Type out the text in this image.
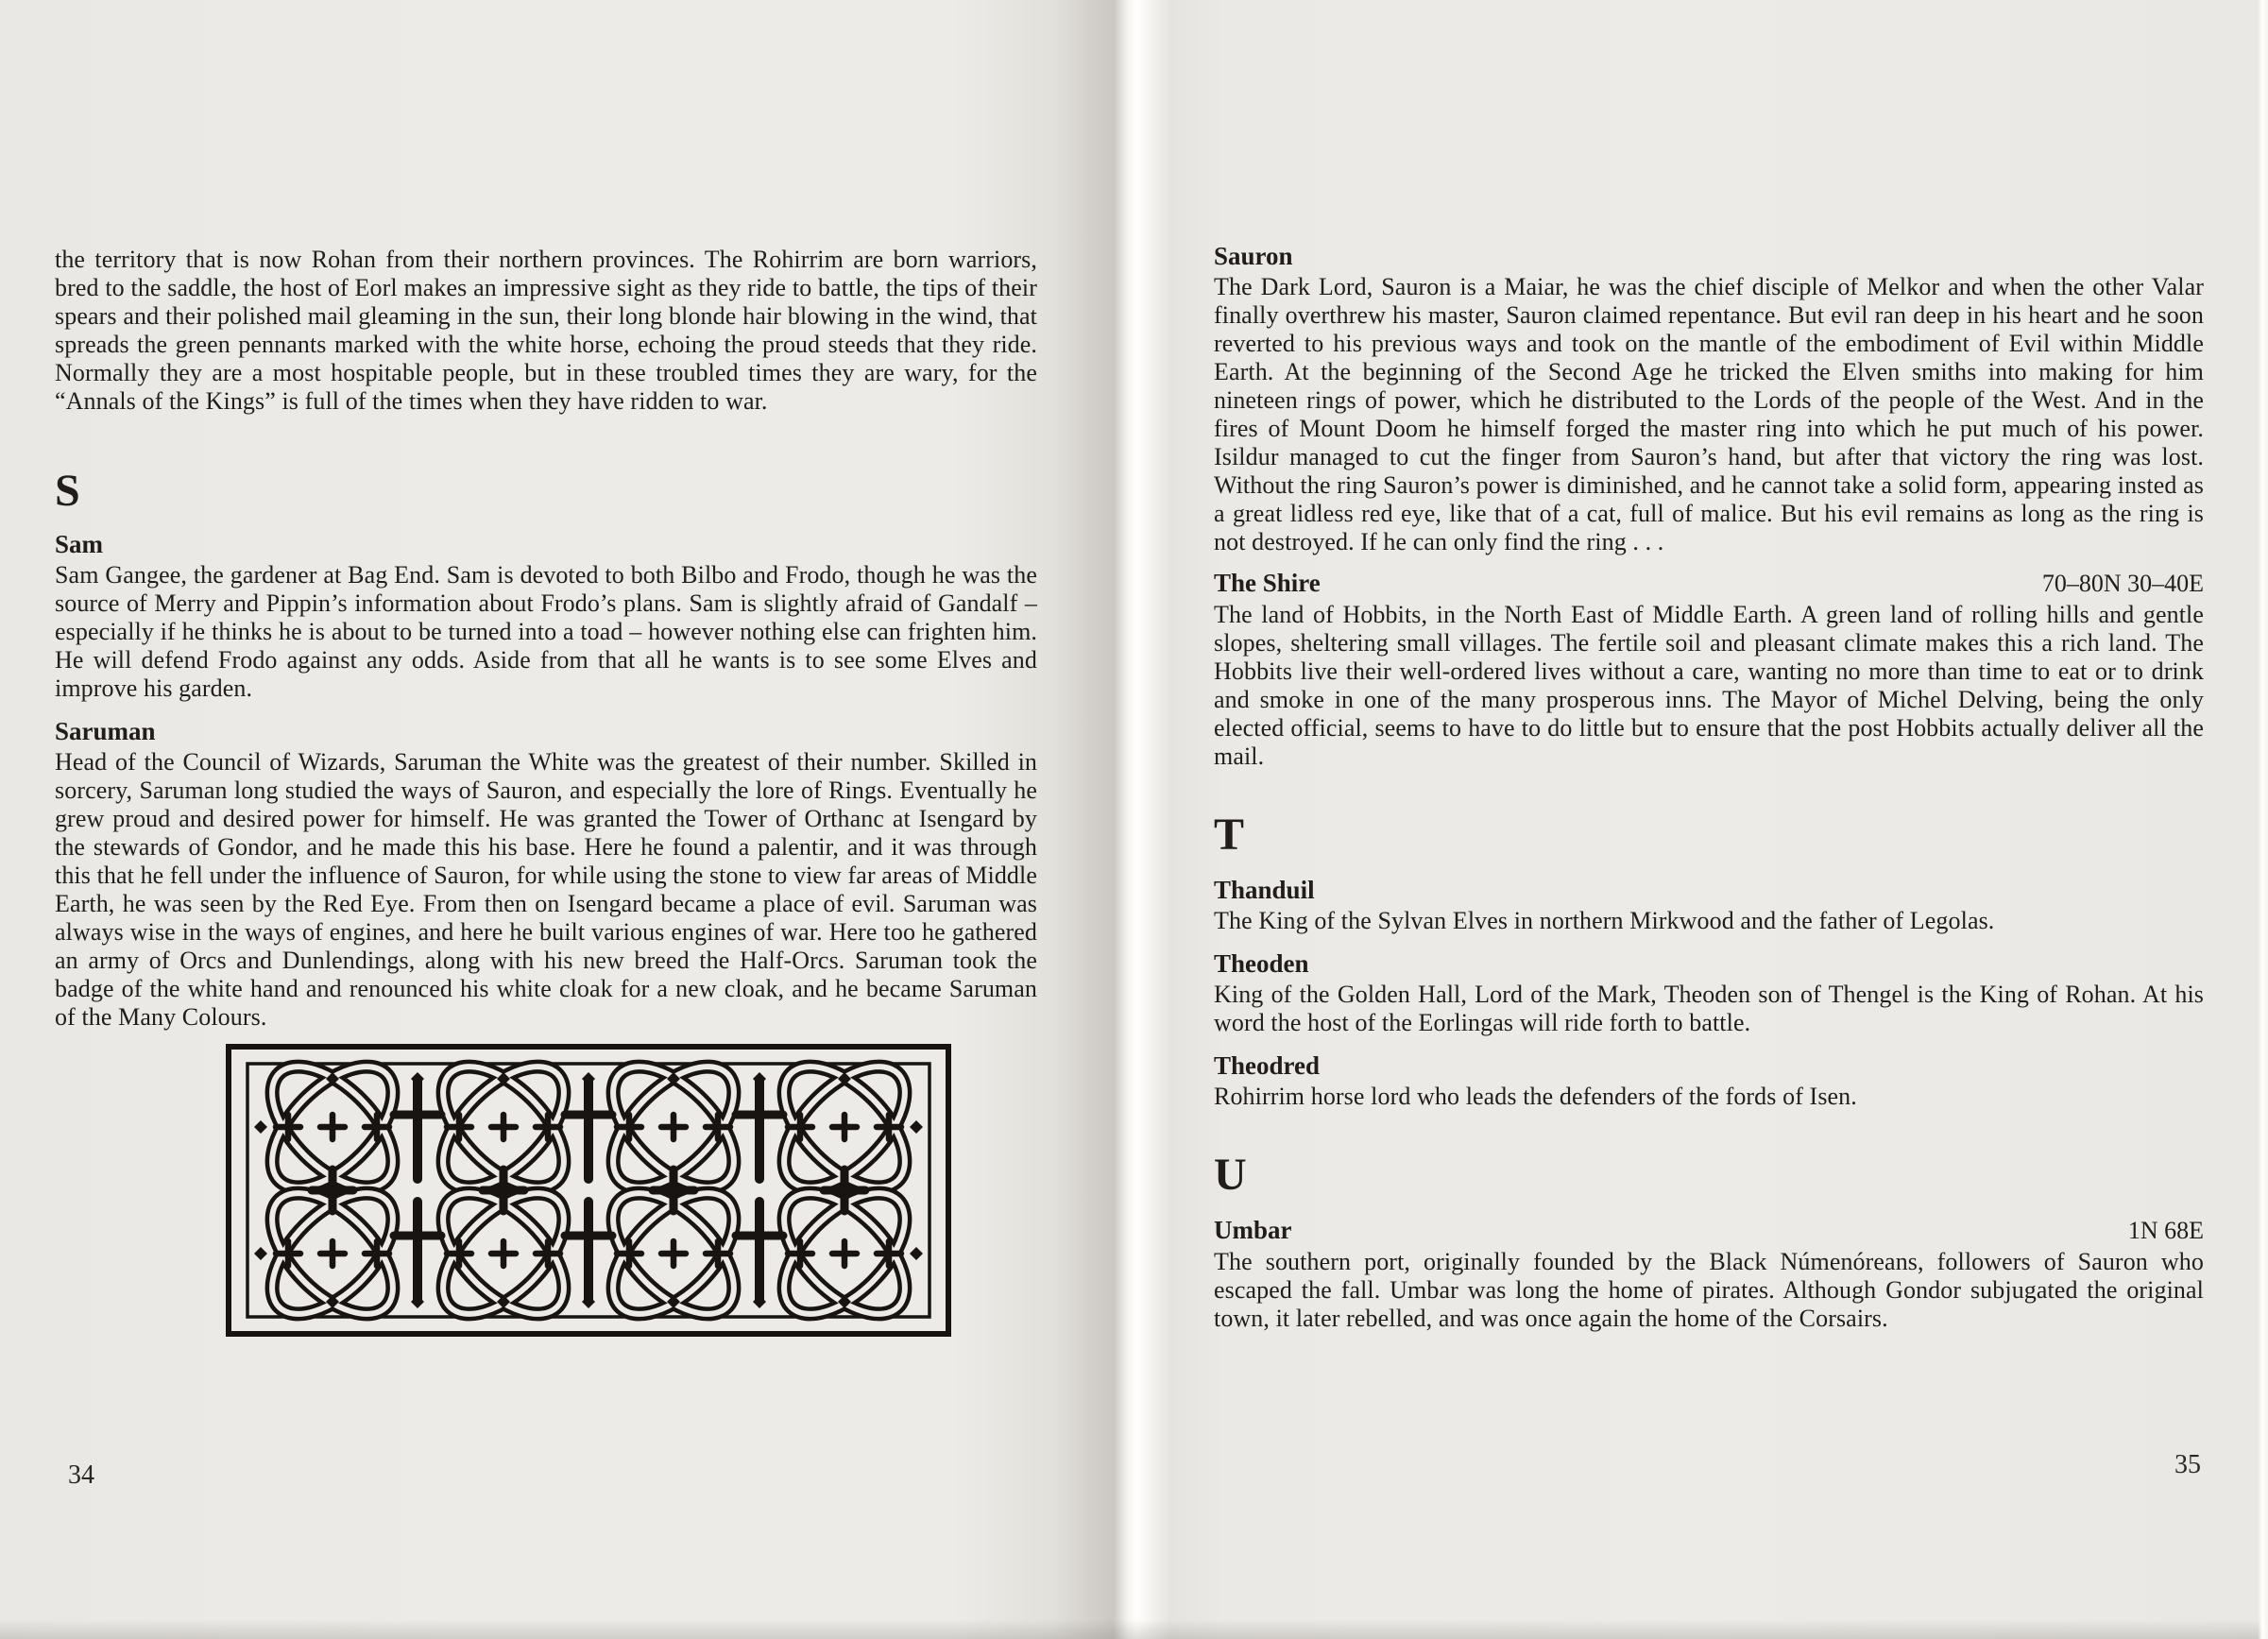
the territory that is now Rohan from their northern provinces. The Rohirrim are born warriors, bred to the saddle, the host of Eorl makes an impressive sight as they ride to battle, the tips of their spears and their polished mail gleaming in the sun, their long blonde hair blowing in the wind, that spreads the green pennants marked with the white horse, echoing the proud steeds that they ride. Normally they are a most hospitable people, but in these troubled times they are wary, for the “Annals of the Kings” is full of the times when they have ridden to war.

S
Sam

Sam Gangee, the gardener at Bag End. Sam is devoted to both Bilbo and Frodo, though he was the source of Merry and Pippin’s information about Frodo’s plans. Sam is slightly afraid of Gandalf – especially if he thinks he is about to be turned into a toad – however nothing else can frighten him. He will defend Frodo against any odds. Aside from that all he wants is to see some Elves and improve his garden.

Saruman

Head of the Council of Wizards, Saruman the White was the greatest of their number. Skilled in sorcery, Saruman long studied the ways of Sauron, and especially the lore of Rings. Eventually he grew proud and desired power for himself. He was granted the Tower of Orthanc at Isengard by the stewards of Gondor, and he made this his base. Here he found a palentir, and it was through this that he fell under the influence of Sauron, for while using the stone to view far areas of Middle Earth, he was seen by the Red Eye. From then on Isengard became a place of evil. Saruman was always wise in the ways of engines, and here he built various engines of war. Here too he gathered an army of Orcs and Dunlendings, along with his new breed the Half-Orcs. Saruman took the badge of the white hand and renounced his white cloak for a new cloak, and he became Saruman of the Many Colours.

Sauron

The Dark Lord, Sauron is a Maiar, he was the chief disciple of Melkor and when the other Valar finally overthrew his master, Sauron claimed repentance. But evil ran deep in his heart and he soon reverted to his previous ways and took on the mantle of the embodiment of Evil within Middle Earth. At the beginning of the Second Age he tricked the Elven smiths into making for him nineteen rings of power, which he distributed to the Lords of the people of the West. And in the fires of Mount Doom he himself forged the master ring into which he put much of his power. Isildur managed to cut the finger from Sauron’s hand, but after that victory the ring was lost. Without the ring Sauron’s power is diminished, and he cannot take a solid form, appearing insted as a great lidless red eye, like that of a cat, full of malice. But his evil remains as long as the ring is not destroyed. If he can only find the ring . . .

The Shire	70–80N 30–40E

The land of Hobbits, in the North East of Middle Earth. A green land of rolling hills and gentle slopes, sheltering small villages. The fertile soil and pleasant climate makes this a rich land. The Hobbits live their well-ordered lives without a care, wanting no more than time to eat or to drink and smoke in one of the many prosperous inns. The Mayor of Michel Delving, being the only elected official, seems to have to do little but to ensure that the post Hobbits actually deliver all the mail.

T
Thanduil

The King of the Sylvan Elves in northern Mirkwood and the father of Legolas.

Theoden

King of the Golden Hall, Lord of the Mark, Theoden son of Thengel is the King of Rohan. At his word the host of the Eorlingas will ride forth to battle.

Theodred

Rohirrim horse lord who leads the defenders of the fords of Isen.

U
Umbar	1N 68E

The southern port, originally founded by the Black Númenóreans, followers of Sauron who escaped the fall. Umbar was long the home of pirates. Although Gondor subjugated the original town, it later rebelled, and was once again the home of the Corsairs.

34	35
